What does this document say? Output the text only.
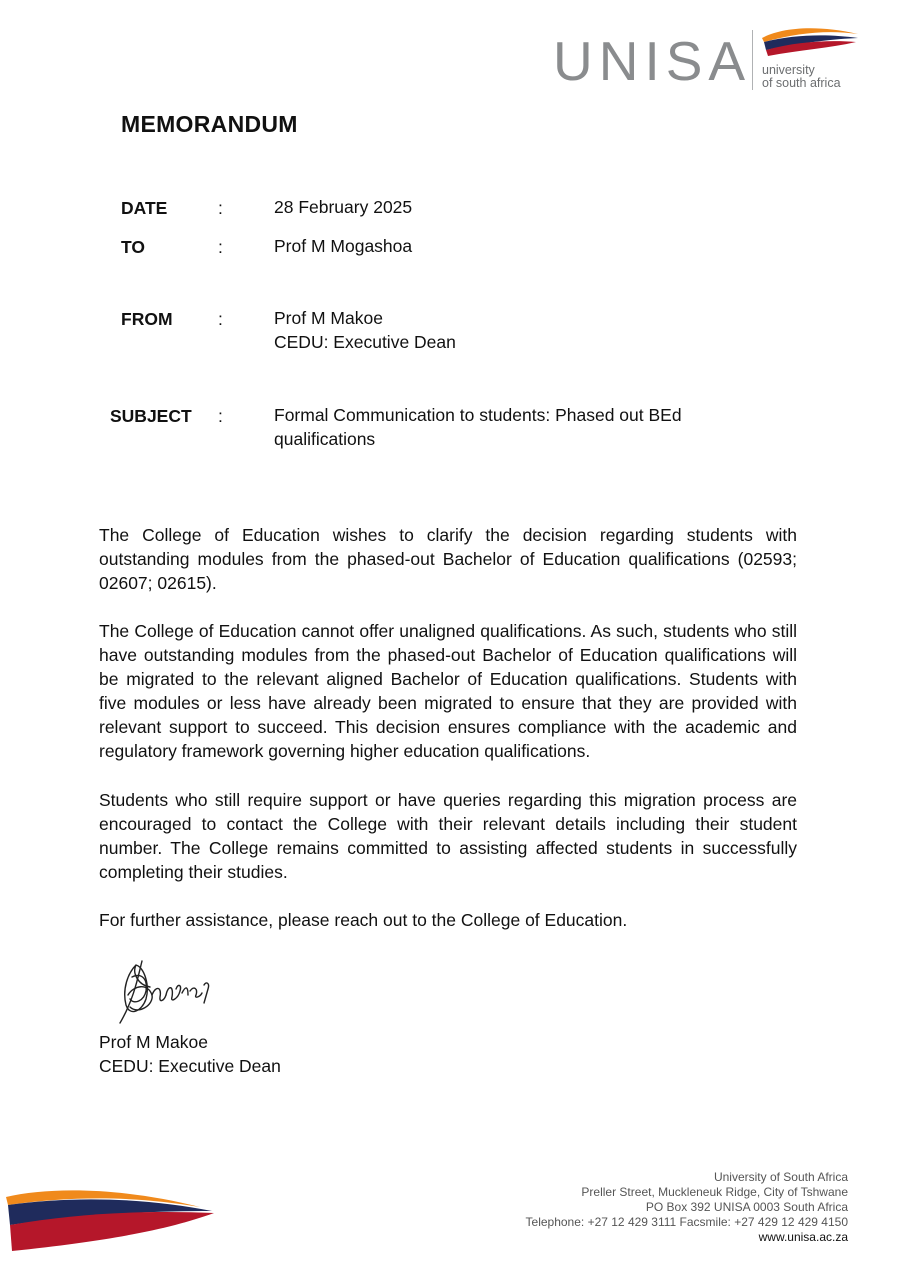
UNISA university
of south africa
MEMORANDUM
DATE	:	28 February 2025
TO	:	Prof M Mogashoa
FROM	:	Prof M Makoe
CEDU: Executive Dean
SUBJECT :	Formal Communication to students: Phased out BEd qualifications

The College of Education wishes to clarify the decision regarding students with outstanding modules from the phased-out Bachelor of Education qualifications (02593; 02607; 02615).

The College of Education cannot offer unaligned qualifications. As such, students who still have outstanding modules from the phased-out Bachelor of Education qualifications will be migrated to the relevant aligned Bachelor of Education qualifications. Students with five modules or less have already been migrated to ensure that they are provided with relevant support to succeed. This decision ensures compliance with the academic and regulatory framework governing higher education qualifications.

Students who still require support or have queries regarding this migration process are encouraged to contact the College with their relevant details including their student number. The College remains committed to assisting affected students in successfully completing their studies.

For further assistance, please reach out to the College of Education.

Prof M Makoe
CEDU: Executive Dean
University of South Africa
Preller Street, Muckleneuk Ridge, City of Tshwane
PO Box 392 UNISA 0003 South Africa
Telephone: +27 12 429 3111 Facsmile: +27 429 12 429 4150
www.unisa.ac.za
